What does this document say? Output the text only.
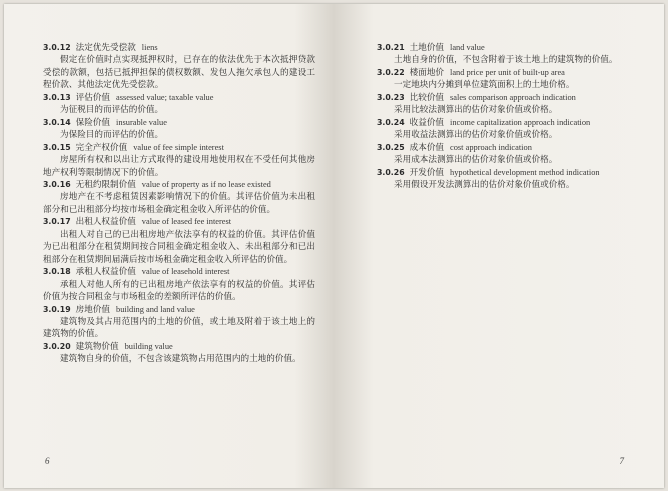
3.0.12 法定优先受偿款 liens
假定在价值时点实现抵押权时，已存在的依法优先于本次抵押贷款受偿的款额，包括已抵押担保的债权数额、发包人拖欠承包人的建设工程价款、其他法定优先受偿款。
3.0.13 评估价值 assessed value; taxable value
为征税目的而评估的价值。
3.0.14 保险价值 insurable value
为保险目的而评估的价值。
3.0.15 完全产权价值 value of fee simple interest
房屋所有权和以出让方式取得的建设用地使用权在不受任何其他房地产权利等限制情况下的价值。
3.0.16 无租约限制价值 value of property as if no lease existed
房地产在不考虑租赁因素影响情况下的价值。其评估价值为未出租部分和已出租部分均按市场租金确定租金收入所评估的价值。
3.0.17 出租人权益价值 value of leased fee interest
出租人对自己的已出租房地产依法享有的权益的价值。其评估价值为已出租部分在租赁期间按合同租金确定租金收入、未出租部分和已出租部分在租赁期间届满后按市场租金确定租金收入所评估的价值。
3.0.18 承租人权益价值 value of leasehold interest
承租人对他人所有的已出租房地产依法享有的权益的价值。其评估价值为按合同租金与市场租金的差额所评估的价值。
3.0.19 房地价值 building and land value
建筑物及其占用范围内的土地的价值，或土地及附着于该土地上的建筑物的价值。
3.0.20 建筑物价值 building value
建筑物自身的价值，不包含该建筑物占用范围内的土地的价值。
6
3.0.21 土地价值 land value
土地自身的价值，不包含附着于该土地上的建筑物的价值。
3.0.22 楼面地价 land price per unit of built-up area
一定地块内分摊到单位建筑面积上的土地价格。
3.0.23 比较价值 sales comparison approach indication
采用比较法测算出的估价对象价值或价格。
3.0.24 收益价值 income capitalization approach indication
采用收益法测算出的估价对象价值或价格。
3.0.25 成本价值 cost approach indication
采用成本法测算出的估价对象价值或价格。
3.0.26 开发价值 hypothetical development method indication
采用假设开发法测算出的估价对象价值或价格。
7
